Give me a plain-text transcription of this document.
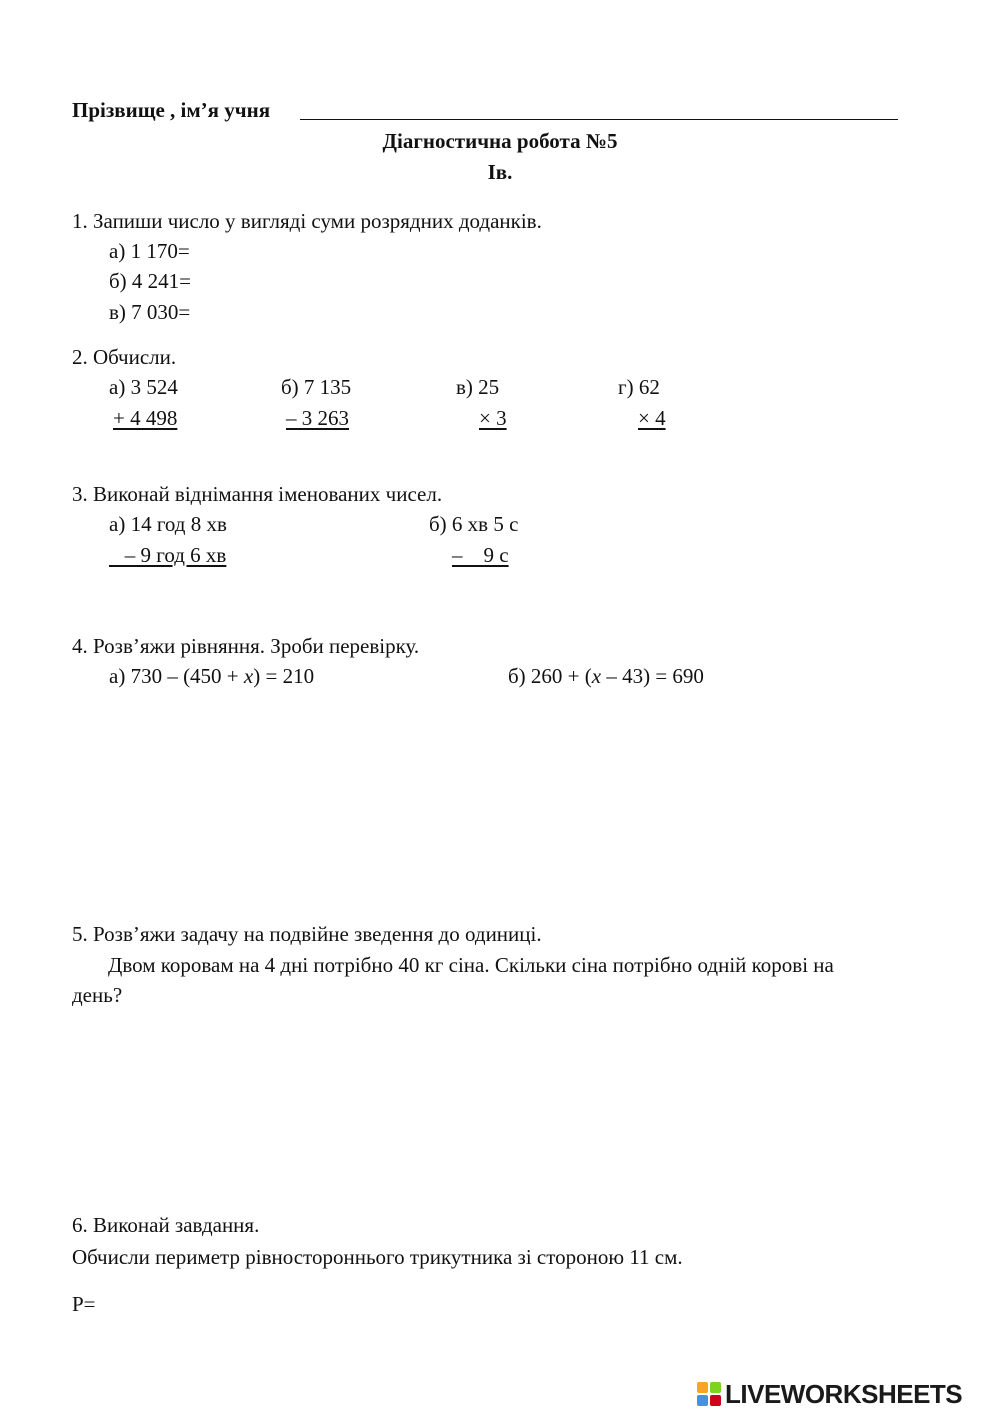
Прізвище , ім’я учня
Діагностична робота №5
Ів.
1. Запиши число у вигляді суми розрядних доданків.
а) 1 170=
б) 4 241=
в) 7 030=
2. Обчисли.
а) 3 524
+ 4 498
б) 7 135
– 3 263
в) 25
× 3
г) 62
× 4
3. Виконай віднімання іменованих чисел.
а) 14 год 8 хв
– 9 год 6 хв
б) 6 хв 5 с
–    9 с
4. Розв’яжи рівняння. Зроби перевірку.
а) 730 – (450 + х) = 210	б) 260 + (х – 43) = 690
5. Розв’яжи задачу на подвійне зведення до одиниці.
Двом коровам на 4 дні потрібно 40 кг сіна. Скільки сіна потрібно одній корові на
день?
6. Виконай завдання.
Обчисли периметр рівностороннього трикутника зі стороною 11 см.
Р=
LIVEWORKSHEETS
